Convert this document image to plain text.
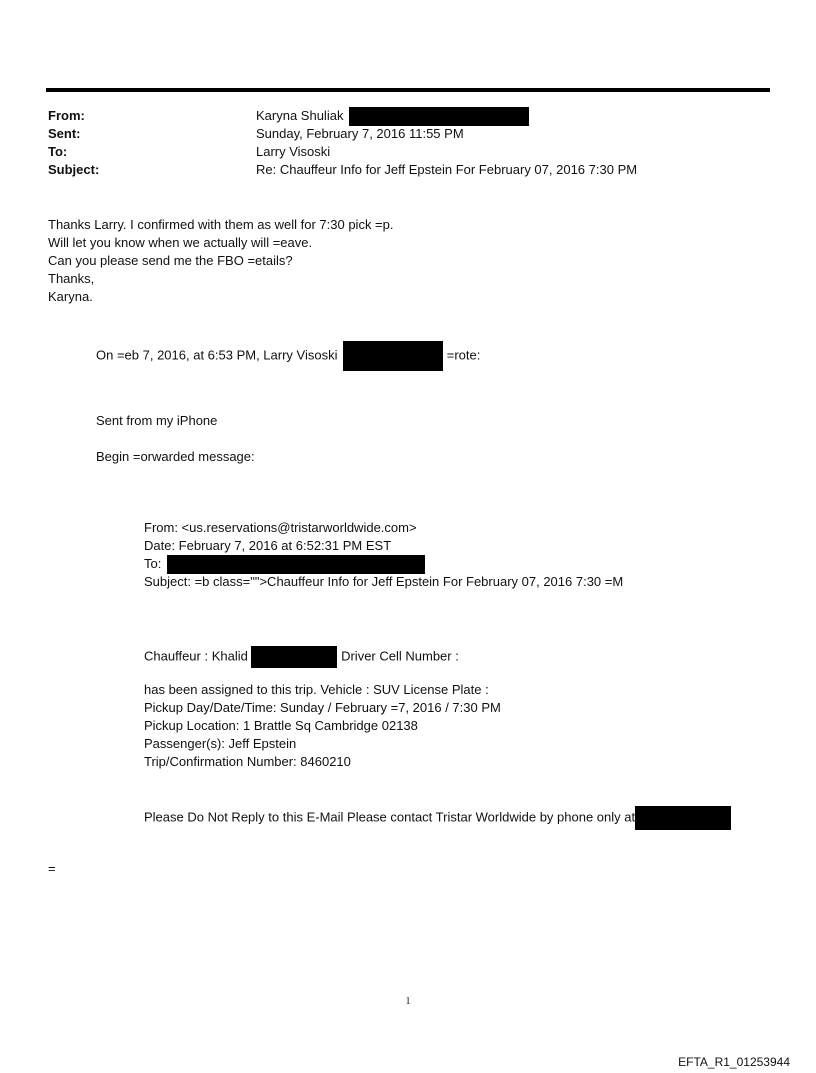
From:	Karyna Shuliak
Sent:	Sunday, February 7, 2016 11:55 PM
To:	Larry Visoski
Subject:	Re: Chauffeur Info for Jeff Epstein For February 07, 2016 7:30 PM
Thanks Larry. I confirmed with them as well for 7:30 pick =p.
Will let you know when we actually will =eave.
Can you please send me the FBO =etails?
Thanks,
Karyna.
On =eb 7, 2016, at 6:53 PM, Larry Visoski	=rote:
Sent from my iPhone
Begin =orwarded message:
From: <us.reservations@tristarworldwide.com>
Date: February 7, 2016 at 6:52:31 PM EST
To:
Subject: =b class="">Chauffeur Info for Jeff Epstein For February 07, 2016 7:30 =M
Chauffeur : Khalid	Driver Cell Number :
has been assigned to this trip. Vehicle : SUV License Plate :
Pickup Day/Date/Time: Sunday / February =7, 2016 / 7:30 PM
Pickup Location: 1 Brattle Sq Cambridge 02138
Passenger(s): Jeff Epstein
Trip/Confirmation Number: 8460210
Please Do Not Reply to this E-Mail Please contact Tristar Worldwide by phone only at
=
1
EFTA_R1_01253944
